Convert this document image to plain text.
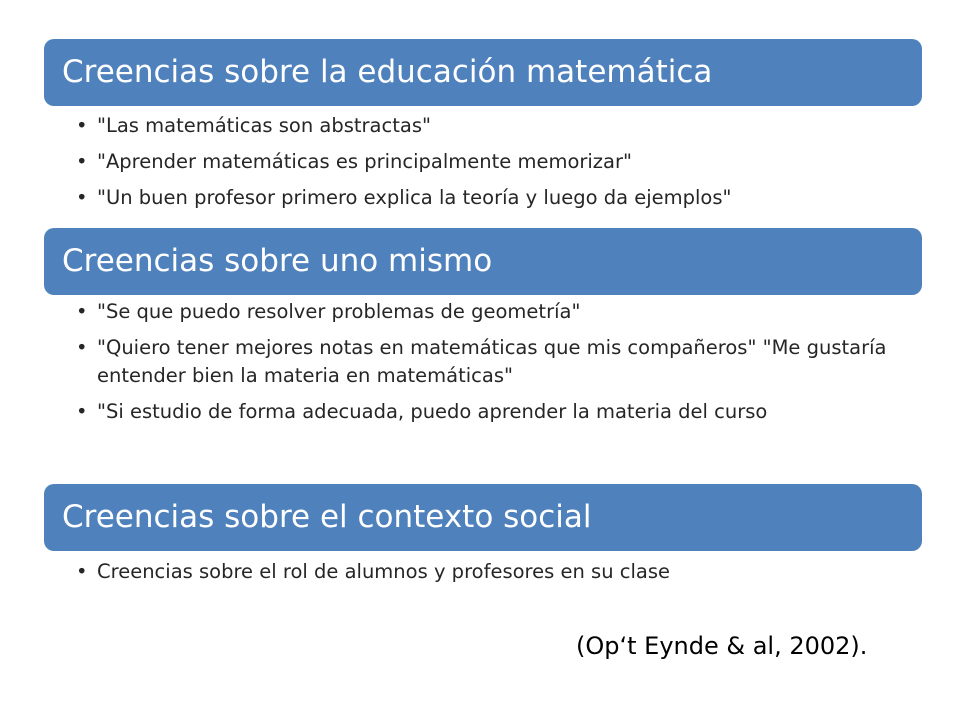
Creencias sobre la educación matemática
• "Las matemáticas son abstractas"
• "Aprender matemáticas es principalmente memorizar"
• "Un buen profesor primero explica la teoría y luego da ejemplos"
Creencias sobre uno mismo
• "Se que puedo resolver problemas de geometría"
• "Quiero tener mejores notas en matemáticas que mis compañeros" "Me gustaría entender bien la materia en matemáticas"
• "Si estudio de forma adecuada, puedo aprender la materia del curso
Creencias sobre el contexto social
• Creencias sobre el rol de alumnos y profesores en su clase
(Op‘t Eynde & al, 2002).
